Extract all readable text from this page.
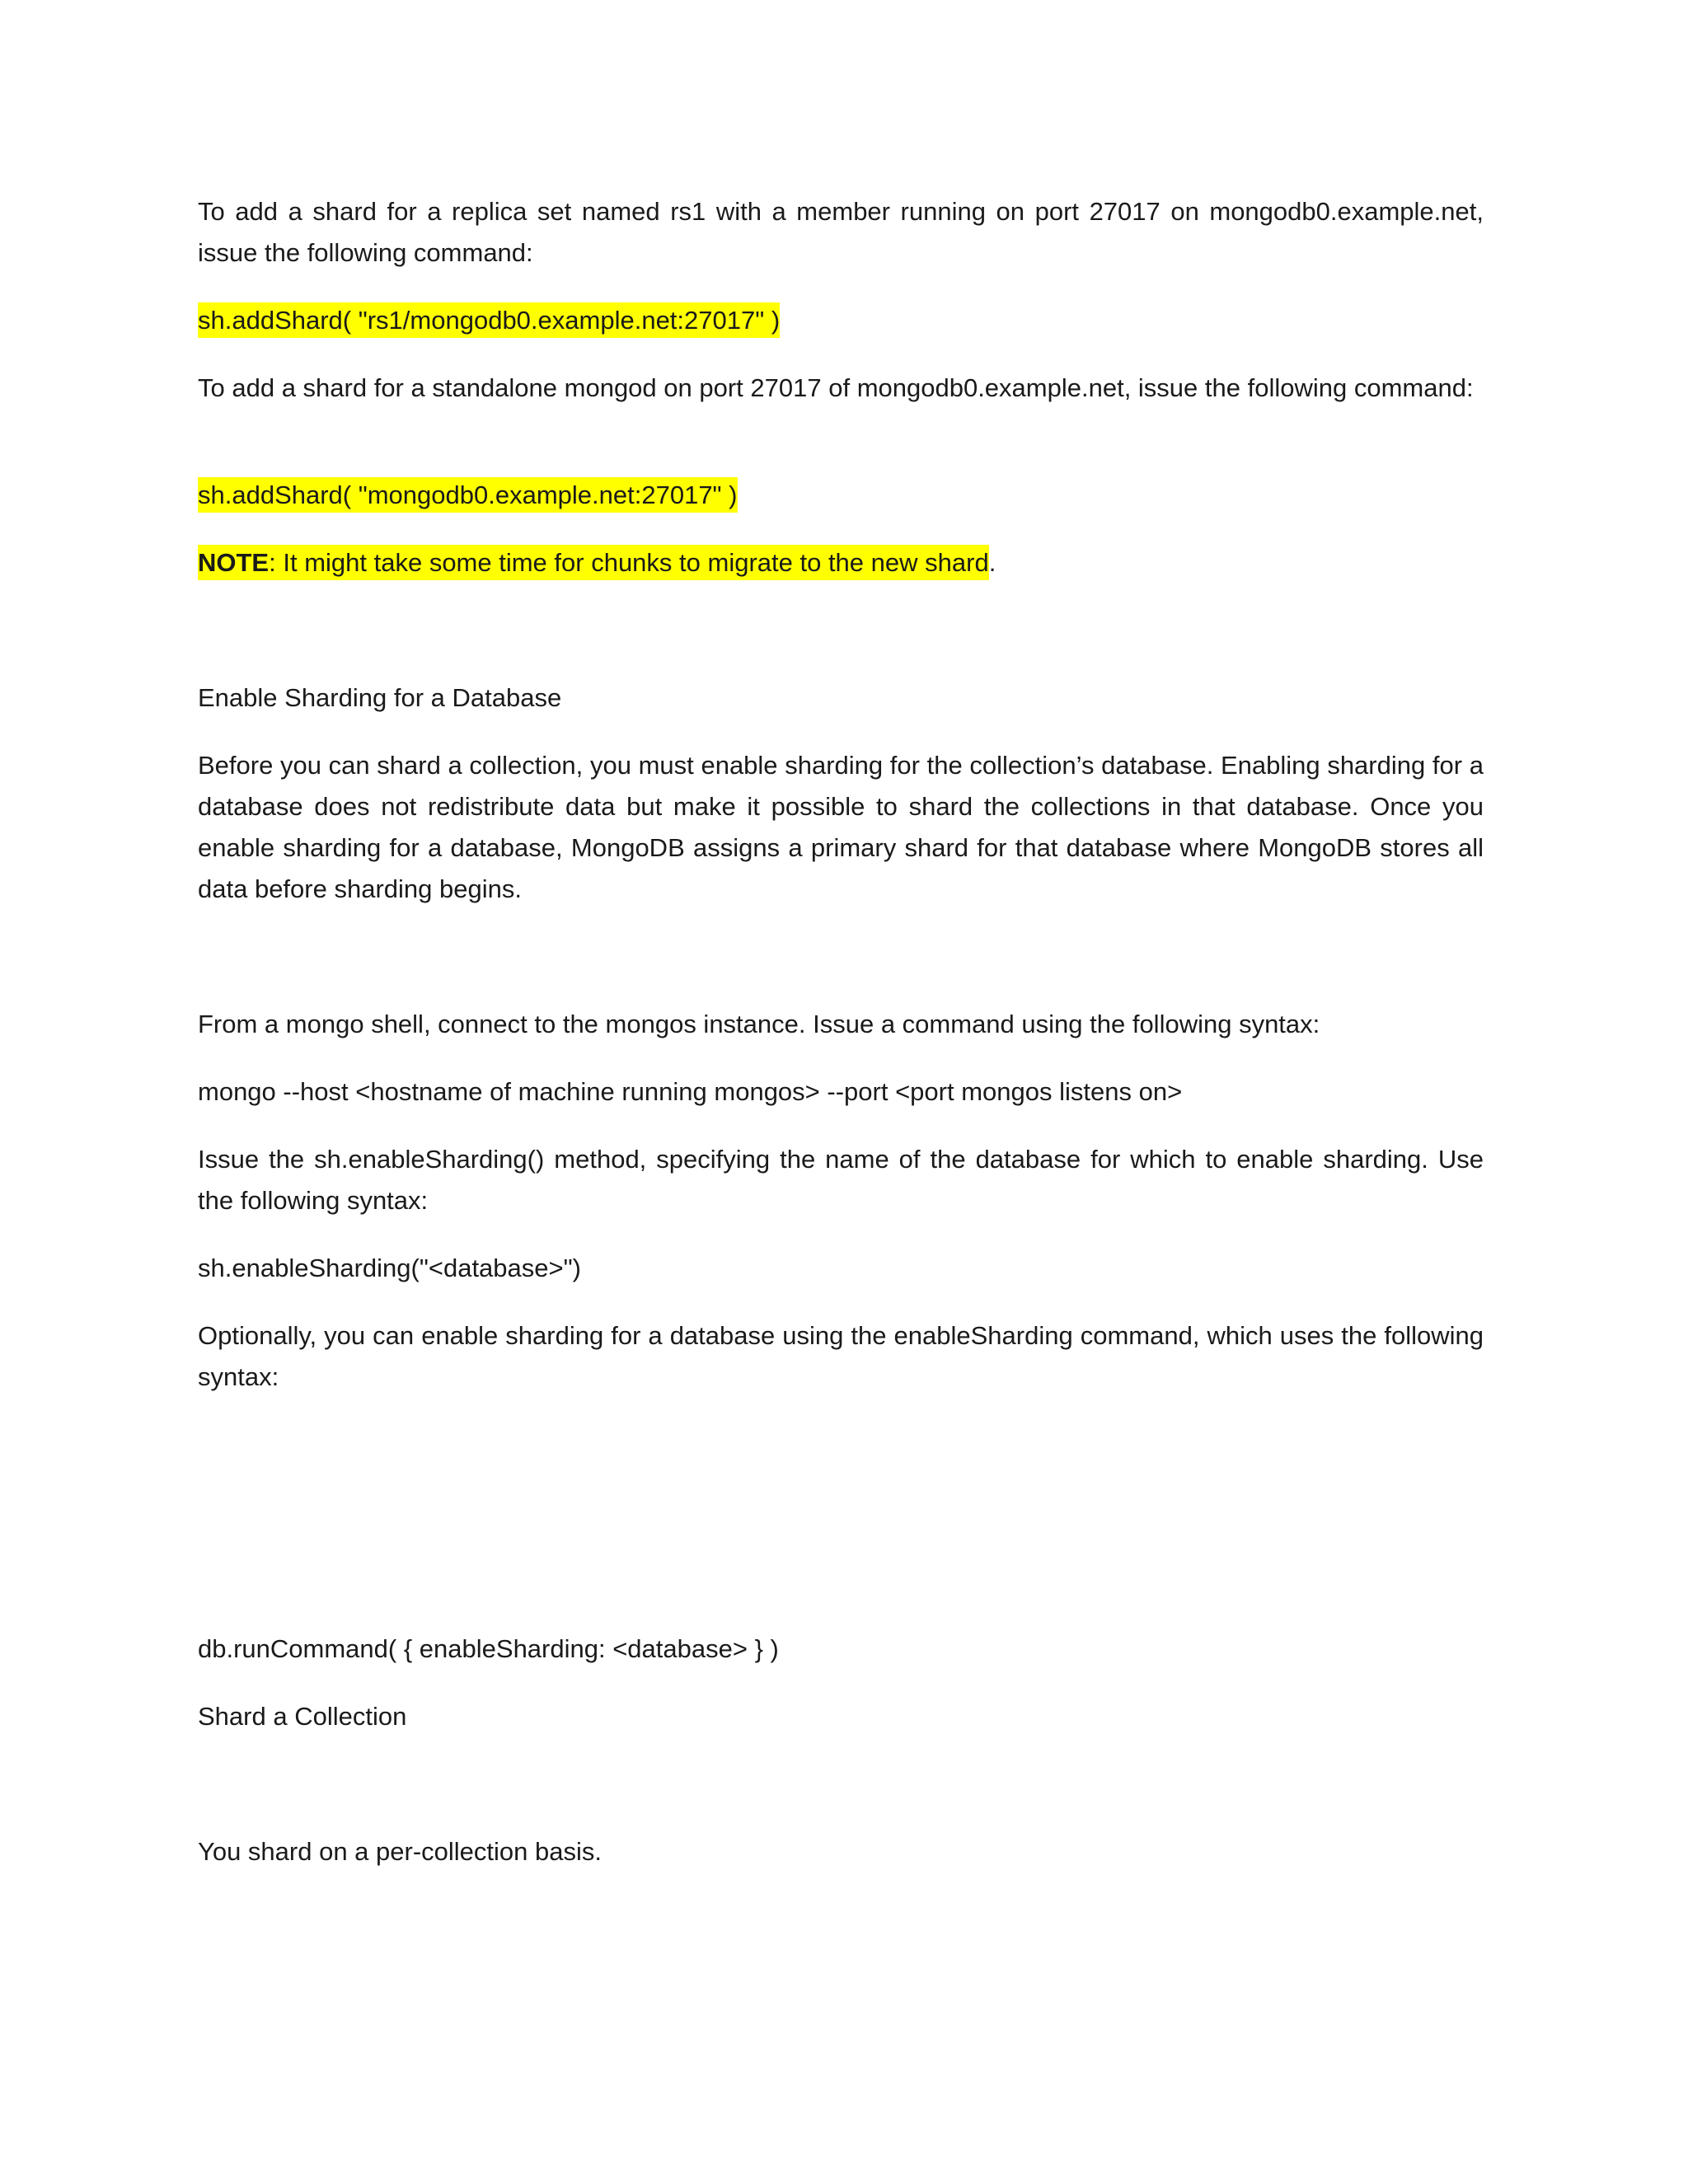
To add a shard for a replica set named rs1 with a member running on port 27017 on mongodb0.example.net, issue the following command:

sh.addShard( "rs1/mongodb0.example.net:27017" )

To add a shard for a standalone mongod on port 27017 of mongodb0.example.net, issue the following command:

sh.addShard( "mongodb0.example.net:27017" )

NOTE: It might take some time for chunks to migrate to the new shard.

Enable Sharding for a Database

Before you can shard a collection, you must enable sharding for the collection’s database. Enabling sharding for a database does not redistribute data but make it possible to shard the collections in that database. Once you enable sharding for a database, MongoDB assigns a primary shard for that database where MongoDB stores all data before sharding begins.

From a mongo shell, connect to the mongos instance. Issue a command using the following syntax:

mongo --host <hostname of machine running mongos> --port <port mongos listens on>

Issue the sh.enableSharding() method, specifying the name of the database for which to enable sharding. Use the following syntax:

sh.enableSharding("<database>")

Optionally, you can enable sharding for a database using the enableSharding command, which uses the following syntax:

db.runCommand( { enableSharding: <database> } )

Shard a Collection

You shard on a per-collection basis.
